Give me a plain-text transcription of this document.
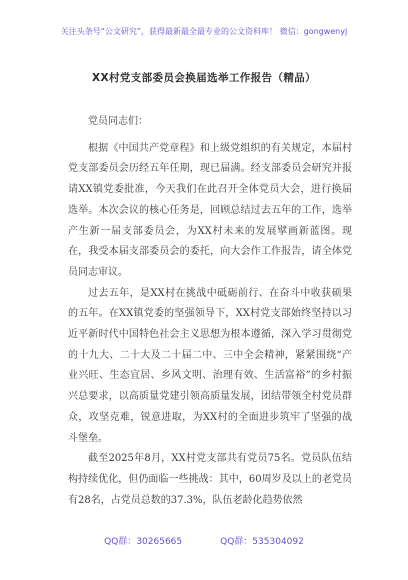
关注头条号“公文研究”，获得最新最全最专业的公文资料库！ 微信：gongwenyj
XX村党支部委员会换届选举工作报告（精品）

党员同志们：

根据《中国共产党章程》和上级党组织的有关规定，本届村党支部委员会历经五年任期，现已届满。经支部委员会研究并报请XX镇党委批准，今天我们在此召开全体党员大会，进行换届选举。本次会议的核心任务是，回顾总结过去五年的工作，选举产生新一届支部委员会，为XX村未来的发展擘画新蓝图。现在，我受本届支部委员会的委托，向大会作工作报告，请全体党员同志审议。

过去五年，是XX村在挑战中砥砺前行、在奋斗中收获硕果的五年。在XX镇党委的坚强领导下，XX村党支部始终坚持以习近平新时代中国特色社会主义思想为根本遵循，深入学习贯彻党的十九大、二十大及二十届二中、三中全会精神，紧紧围绕“产业兴旺、生态宜居、乡风文明、治理有效、生活富裕”的乡村振兴总要求，以高质量党建引领高质量发展，团结带领全村党员群众，攻坚克难，锐意进取，为XX村的全面进步筑牢了坚强的战斗堡垒。

截至2025年8月，XX村党支部共有党员75名。党员队伍结构持续优化，但仍面临一些挑战：其中，60周岁及以上的老党员有28名，占党员总数的37.3%，队伍老龄化趋势依然

QQ群：30265665	QQ群：535304092
